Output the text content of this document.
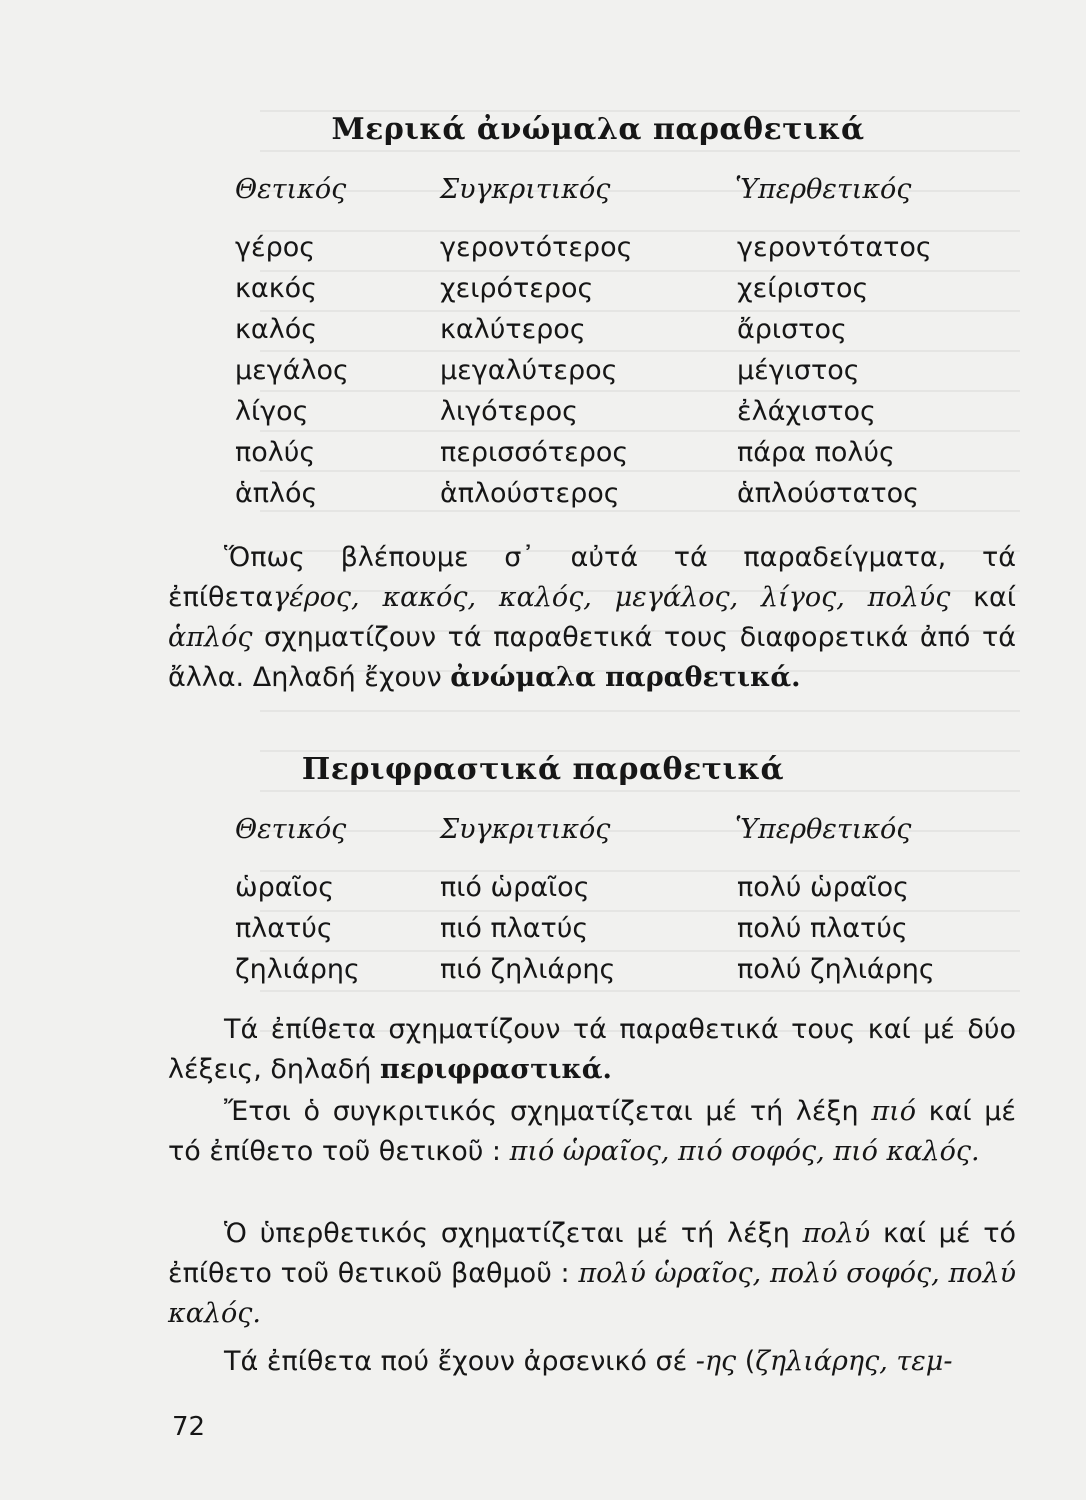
Μερικά ἀνώμαλα παραθετικά
Θετικός	Συγκριτικός	Ὑπερθετικός
γέρος	γεροντότερος	γεροντότατος
κακός	χειρότερος	χείριστος
καλός	καλύτερος	ἄριστος
μεγάλος	μεγαλύτερος	μέγιστος
λίγος	λιγότερος	ἐλάχιστος
πολύς	περισσότερος	πάρα πολύς
ἁπλός	ἁπλούστερος	ἁπλούστατος

Ὅπως βλέπουμε σ᾽ αὐτά τά παραδείγματα, τά ἐπίθεταγέρος, κακός, καλός, μεγάλος, λίγος, πολύς καί ἁπλός σχηματίζουν τά παραθετικά τους διαφορετικά ἀπό τά ἄλλα. Δηλαδή ἔχουν ἀνώμαλα παραθετικά.

Περιφραστικά παραθετικά
Θετικός	Συγκριτικός	Ὑπερθετικός
ὡραῖος	πιό ὡραῖος	πολύ ὡραῖος
πλατύς	πιό πλατύς	πολύ πλατύς
ζηλιάρης	πιό ζηλιάρης	πολύ ζηλιάρης

Τά ἐπίθετα σχηματίζουν τά παραθετικά τους καί μέ δύο λέξεις, δηλαδή περιφραστικά.

Ἔτσι ὁ συγκριτικός σχηματίζεται μέ τή λέξη πιό καί μέ τό ἐπίθετο τοῦ θετικοῦ : πιό ὡραῖος, πιό σοφός, πιό καλός.

Ὁ ὑπερθετικός σχηματίζεται μέ τή λέξη πολύ καί μέ τό ἐπίθετο τοῦ θετικοῦ βαθμοῦ : πολύ ὡραῖος, πολύ σοφός, πολύ καλός.

Τά ἐπίθετα πού ἔχουν ἀρσενικό σέ -ης (ζηλιάρης, τεμ-

72
